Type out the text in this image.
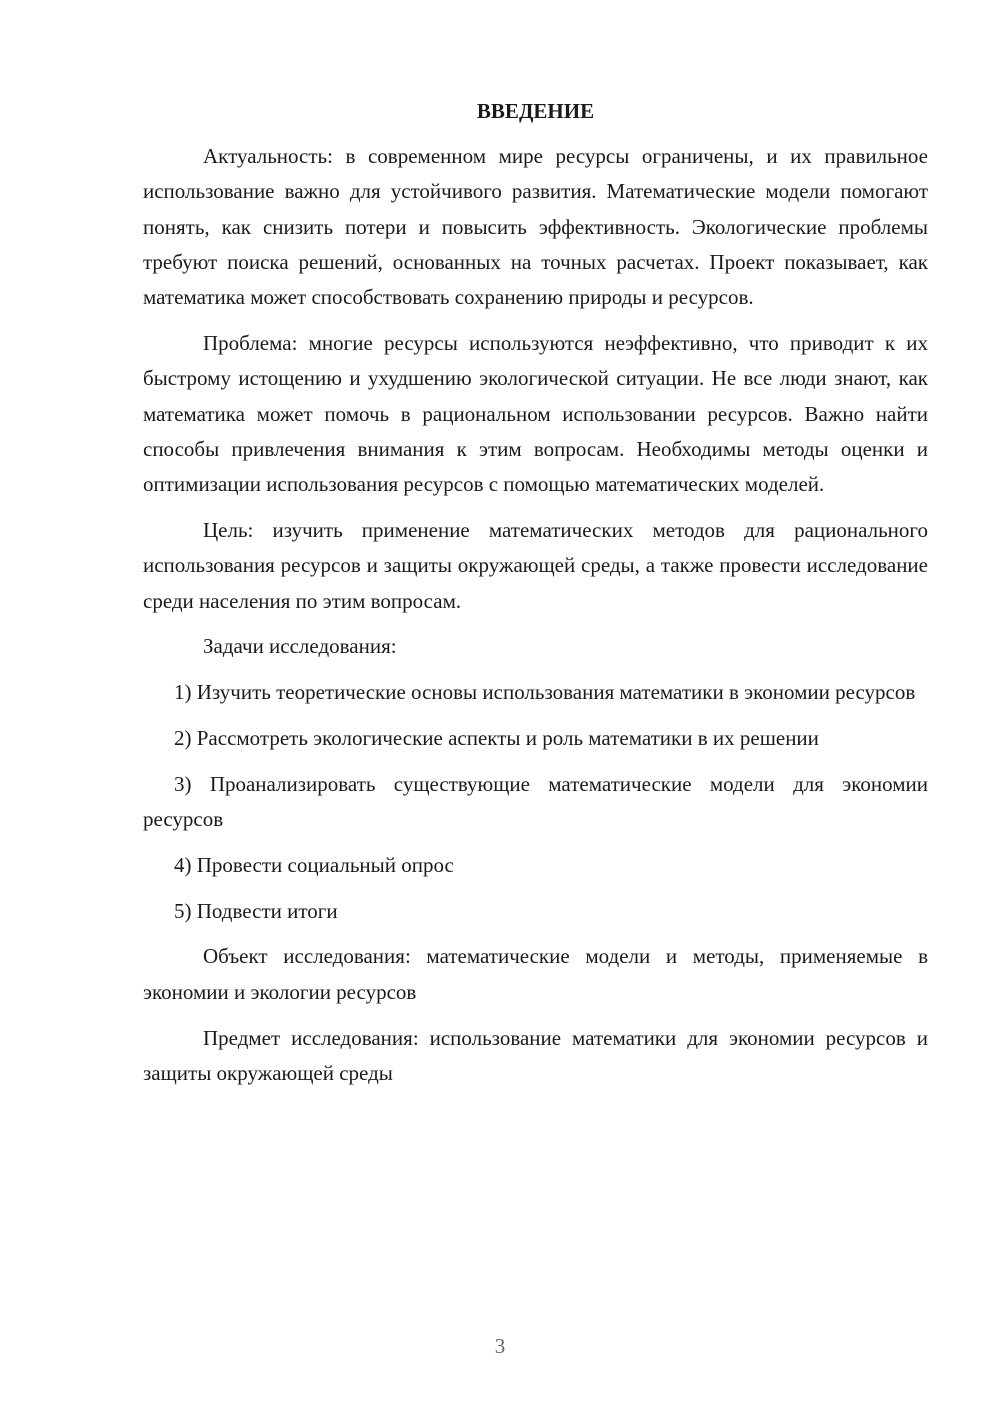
ВВЕДЕНИЕ

Актуальность: в современном мире ресурсы ограничены, и их правильное использование важно для устойчивого развития. Математические модели помогают понять, как снизить потери и повысить эффективность. Экологические проблемы требуют поиска решений, основанных на точных расчетах. Проект показывает, как математика может способствовать сохранению природы и ресурсов.

Проблема: многие ресурсы используются неэффективно, что приводит к их быстрому истощению и ухудшению экологической ситуации. Не все люди знают, как математика может помочь в рациональном использовании ресурсов. Важно найти способы привлечения внимания к этим вопросам. Необходимы методы оценки и оптимизации использования ресурсов с помощью математических моделей.

Цель: изучить применение математических методов для рационального использования ресурсов и защиты окружающей среды, а также провести исследование среди населения по этим вопросам.

Задачи исследования:

1) Изучить теоретические основы использования математики в экономии ресурсов

2) Рассмотреть экологические аспекты и роль математики в их решении

3) Проанализировать существующие математические модели для экономии ресурсов

4) Провести социальный опрос

5) Подвести итоги

Объект исследования: математические модели и методы, применяемые в экономии и экологии ресурсов

Предмет исследования: использование математики для экономии ресурсов и защиты окружающей среды

3
